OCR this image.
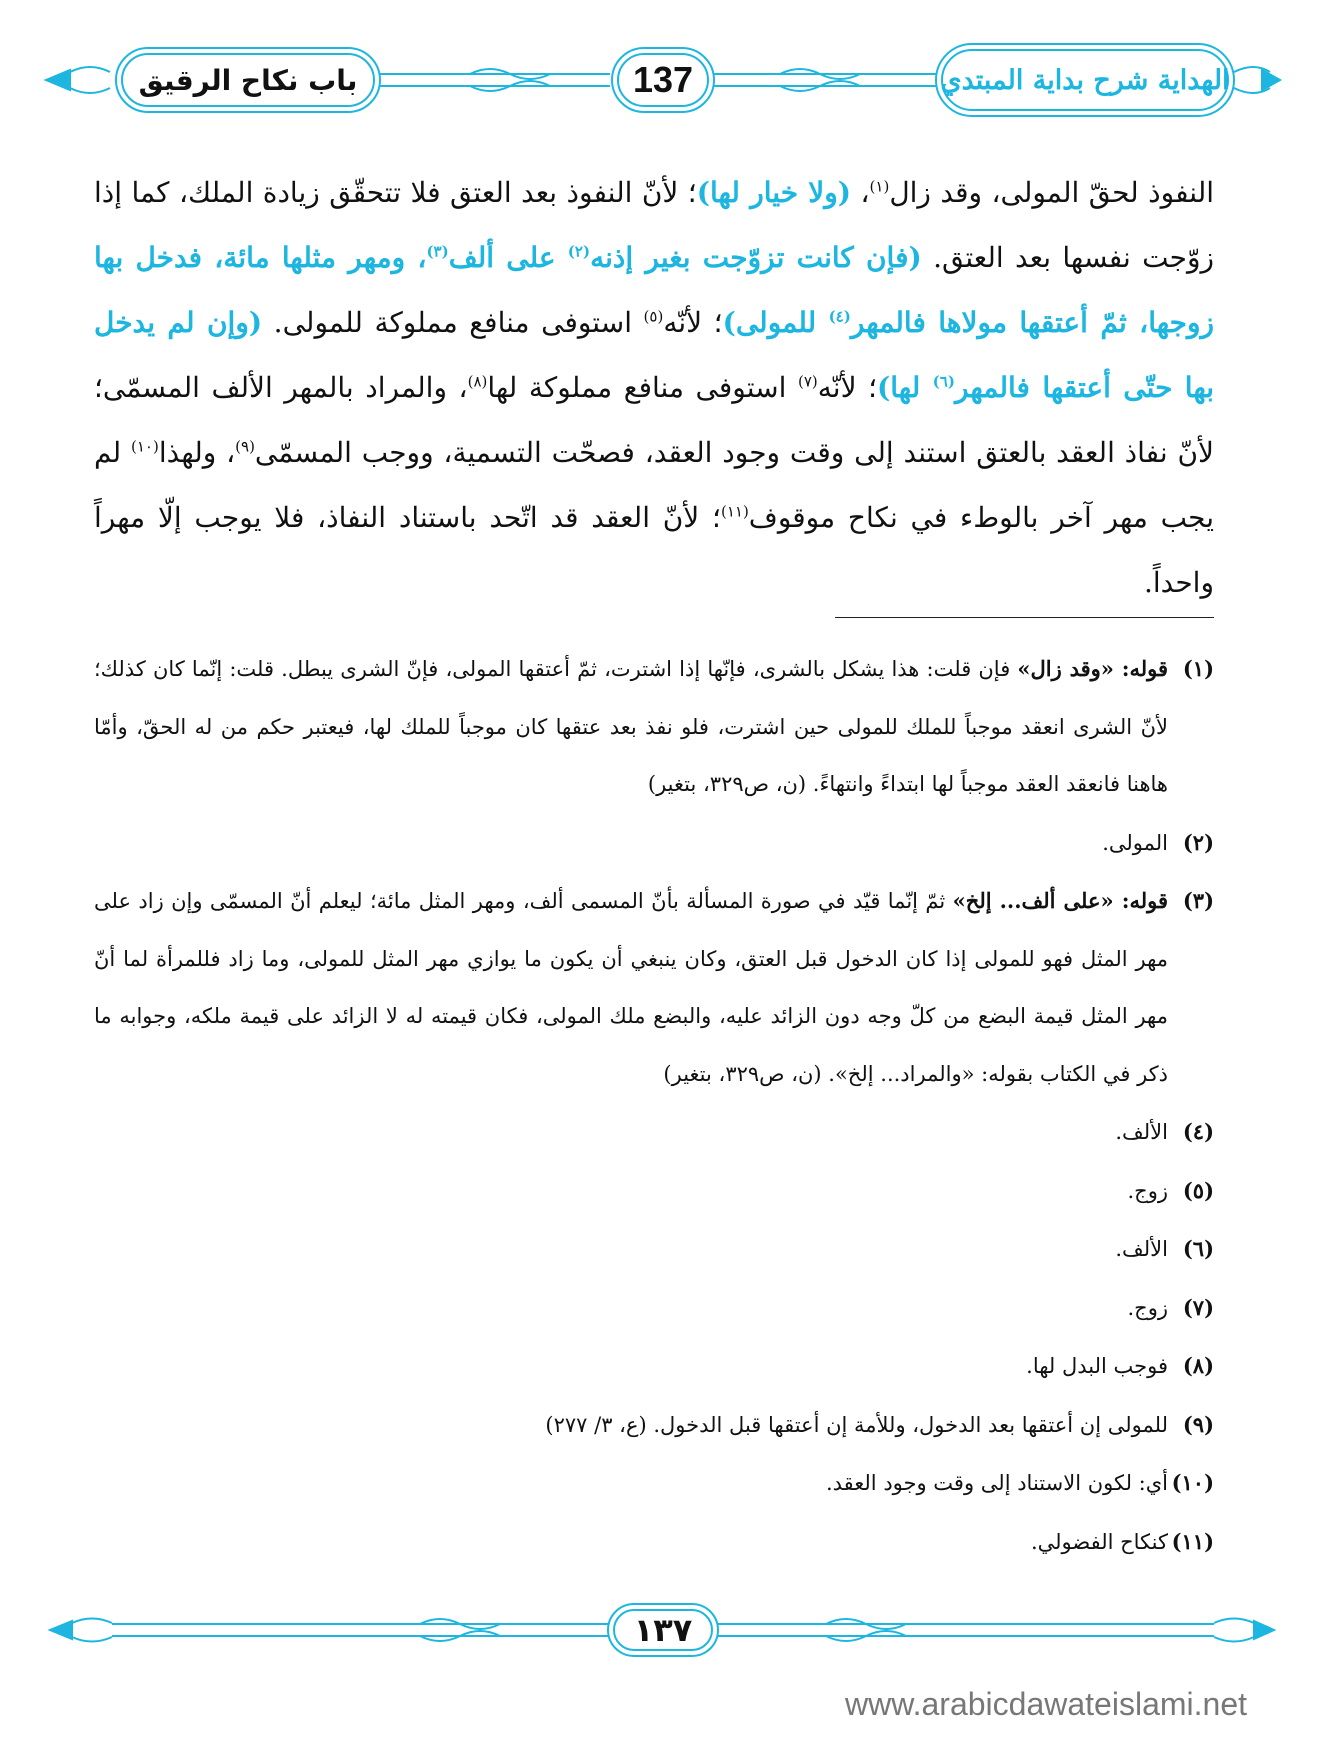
باب نكاح الرقيق	137	الهداية شرح بداية المبتدي
النفوذ لحقّ المولى، وقد زال$^{(١)}$، (ولا خيار لها)؛ لأنّ النفوذ بعد العتق فلا تتحقّق زيادة الملك، كما إذا زوّجت نفسها بعد العتق. (فإن كانت تزوّجت بغير إذنه$^{(٢)}$ على ألف$^{(٣)}$، ومهر مثلها مائة، فدخل بها زوجها، ثمّ أعتقها مولاها فالمهر$^{(٤)}$ للمولى)؛ لأنّه$^{(٥)}$ استوفى منافع مملوكة للمولى. (وإن لم يدخل بها حتّى أعتقها فالمهر$^{(٦)}$ لها)؛ لأنّه$^{(٧)}$ استوفى منافع مملوكة لها$^{(٨)}$، والمراد بالمهر الألف المسمّى؛ لأنّ نفاذ العقد بالعتق استند إلى وقت وجود العقد، فصحّت التسمية، ووجب المسمّى$^{(٩)}$، ولهذا$^{(١٠)}$ لم يجب مهر آخر بالوطء في نكاح موقوف$^{(١١)}$؛ لأنّ العقد قد اتّحد باستناد النفاذ، فلا يوجب إلّا مهراً واحداً.
(١)
قوله: «وقد زال» فإن قلت: هذا يشكل بالشرى، فإنّها إذا اشترت، ثمّ أعتقها المولى، فإنّ الشرى يبطل. قلت: إنّما كان كذلك؛ لأنّ الشرى انعقد موجباً للملك للمولى حين اشترت، فلو نفذ بعد عتقها كان موجباً للملك لها، فيعتبر حكم من له الحقّ، وأمّا هاهنا فانعقد العقد موجباً لها ابتداءً وانتهاءً. (ن، ص٣٢٩، بتغير)
(٢)
المولى.
(٣)
قوله: «على ألف... إلخ» ثمّ إنّما قيّد في صورة المسألة بأنّ المسمى ألف، ومهر المثل مائة؛ ليعلم أنّ المسمّى وإن زاد على مهر المثل فهو للمولى إذا كان الدخول قبل العتق، وكان ينبغي أن يكون ما يوازي مهر المثل للمولى، وما زاد فللمرأة لما أنّ مهر المثل قيمة البضع من كلّ وجه دون الزائد عليه، والبضع ملك المولى، فكان قيمته له لا الزائد على قيمة ملكه، وجوابه ما ذكر في الكتاب بقوله: «والمراد... إلخ». (ن، ص٣٢٩، بتغير)
(٤)
الألف.
(٥)
زوج.
(٦)
الألف.
(٧)
زوج.
(٨)
فوجب البدل لها.
(٩)
للمولى إن أعتقها بعد الدخول، وللأمة إن أعتقها قبل الدخول. (ع، ٣/ ٢٧٧)
(١٠)
أي: لكون الاستناد إلى وقت وجود العقد.
(١١)
كنكاح الفضولي.
١٣٧
www.arabicdawateislami.net
